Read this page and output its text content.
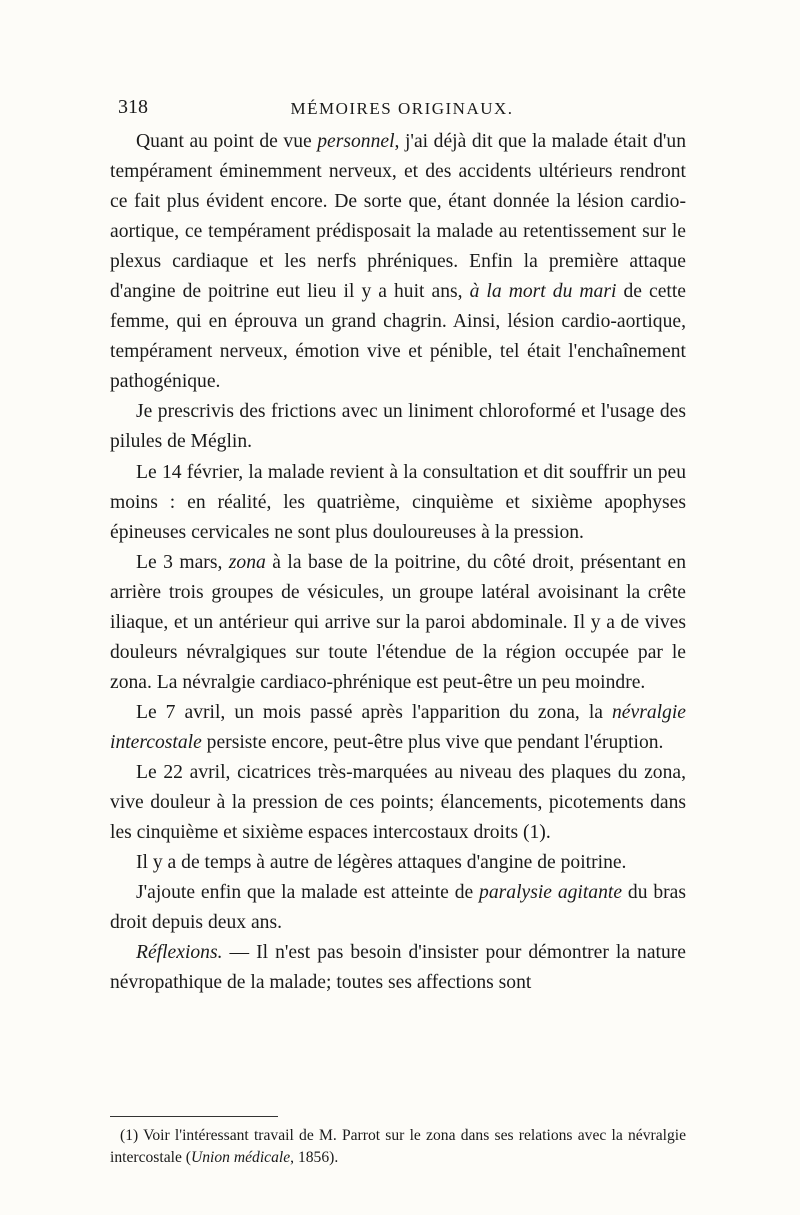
318	MÉMOIRES ORIGINAUX.

Quant au point de vue personnel, j'ai déjà dit que la malade était d'un tempérament éminemment nerveux, et des accidents ultérieurs rendront ce fait plus évident encore. De sorte que, étant donnée la lésion cardio-aortique, ce tempérament prédisposait la malade au retentissement sur le plexus cardiaque et les nerfs phréniques. Enfin la première attaque d'angine de poitrine eut lieu il y a huit ans, à la mort du mari de cette femme, qui en éprouva un grand chagrin. Ainsi, lésion cardio-aortique, tempérament nerveux, émotion vive et pénible, tel était l'enchaînement pathogénique.

Je prescrivis des frictions avec un liniment chloroformé et l'usage des pilules de Méglin.

Le 14 février, la malade revient à la consultation et dit souffrir un peu moins : en réalité, les quatrième, cinquième et sixième apophyses épineuses cervicales ne sont plus douloureuses à la pression.

Le 3 mars, zona à la base de la poitrine, du côté droit, présentant en arrière trois groupes de vésicules, un groupe latéral avoisinant la crête iliaque, et un antérieur qui arrive sur la paroi abdominale. Il y a de vives douleurs névralgiques sur toute l'étendue de la région occupée par le zona. La névralgie cardiaco-phrénique est peut-être un peu moindre.

Le 7 avril, un mois passé après l'apparition du zona, la névralgie intercostale persiste encore, peut-être plus vive que pendant l'éruption.

Le 22 avril, cicatrices très-marquées au niveau des plaques du zona, vive douleur à la pression de ces points; élancements, picotements dans les cinquième et sixième espaces intercostaux droits (1).

Il y a de temps à autre de légères attaques d'angine de poitrine.

J'ajoute enfin que la malade est atteinte de paralysie agitante du bras droit depuis deux ans.

Réflexions. — Il n'est pas besoin d'insister pour démontrer la nature névropathique de la malade; toutes ses affections sont

(1) Voir l'intéressant travail de M. Parrot sur le zona dans ses relations avec la névralgie intercostale (Union médicale, 1856).
